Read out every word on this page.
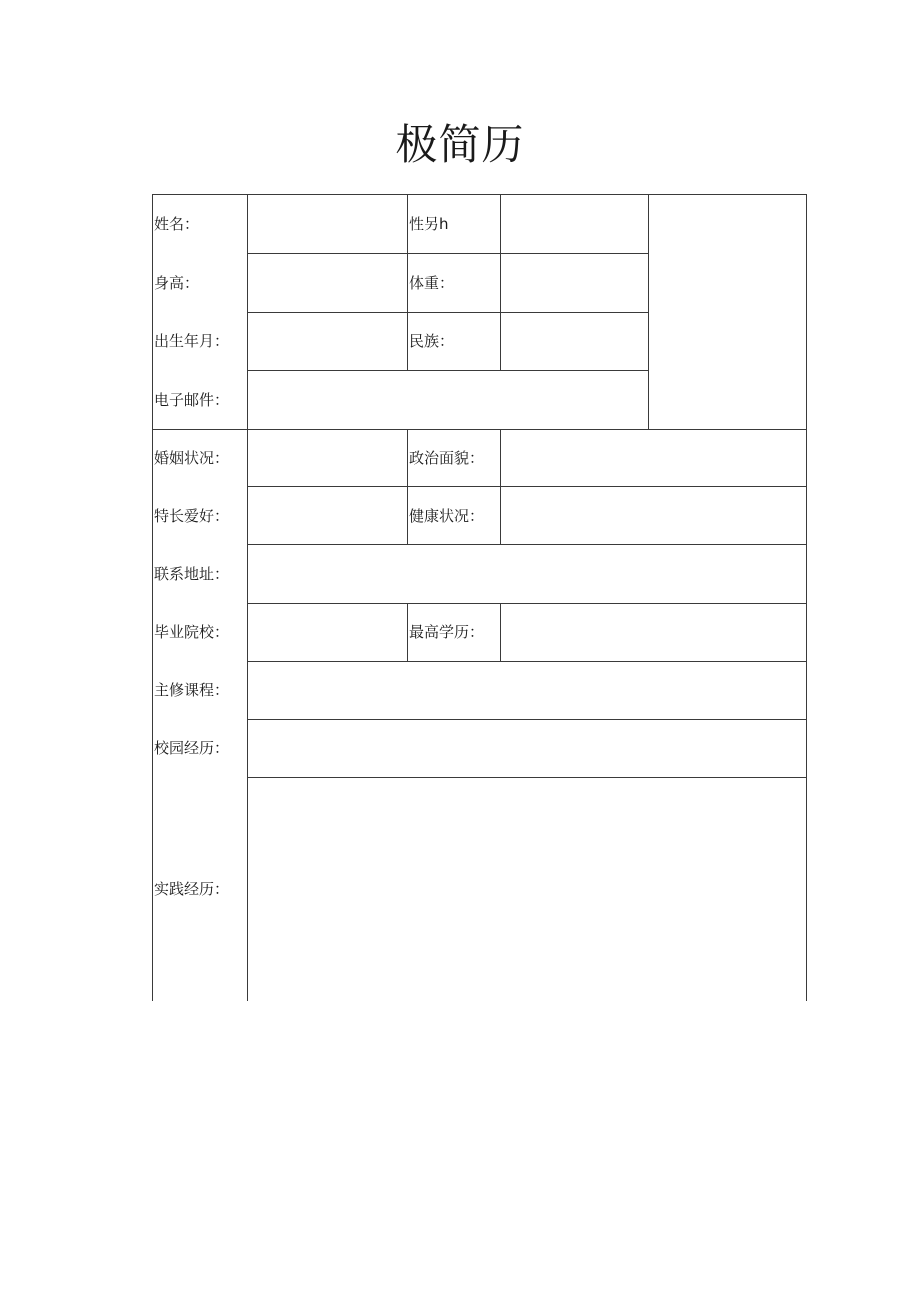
极简历
姓名：	性另h
身高：	体重：
出生年月：	民族：
电子邮件：
婚姻状况：	政治面貌：
特长爱好：	健康状况：
联系地址：
毕业院校：	最高学历：
主修课程：
校园经历：
实践经历：
